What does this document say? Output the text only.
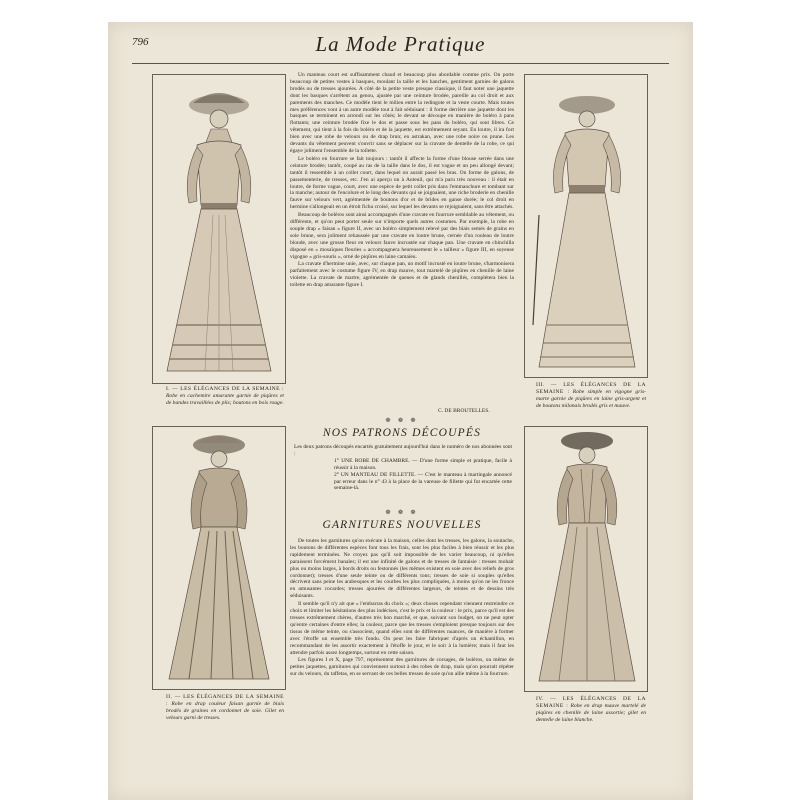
796	La Mode Pratique
I. — LES ÉLÉGANCES DE LA SEMAINE : Robe en cachemire amarante garnie de piqûres et de bandes travaillées de plis; boutons en bois rouge.
II. — LES ÉLÉGANCES DE LA SEMAINE : Robe en drap couleur faisan garnie de biais brodés de graines en cordonnet de soie. Gilet en velours garni de tresses.
III. — LES ÉLÉGANCES DE LA SEMAINE : Robe simple en vigogne gris-marte garnie de piqûres en laine gris-argent et de boutons milanais brodés gris et mauve.
IV. — LES ÉLÉGANCES DE LA SEMAINE : Robe en drap mauve martelé de piqûres en chenille de laine assortie; gilet en dentelle de laine blanche.

Un manteau court est suffisamment chaud et beaucoup plus abordable comme prix. On porte beaucoup de petites vestes à basques, moulant la taille et les hanches, gentiment garnies de galons brodés ou de tresses ajourées. A côté de la petite veste presque classique, il faut noter une jaquette dont les basques s'arrêtent au genou, ajustée par une ceinture brodée, pareille au col droit et aux parements des manches. Ce modèle tient le milieu entre la redingote et la veste courte. Mais toutes mes préférences vont à un autre modèle tout à fait séduisant : il forme derrière une jaquette dont les basques se terminent en arrondi sur les côtés; le devant se découpe en manière de boléro à pans flottants; une ceinture brodée fixe le dos et passe sous les pans du boléro, qui sont libres. Ce vêtement, qui tient à la fois du boléro et de la jaquette, est extrêmement seyant. En loutre, il ira fort bien avec une robe de velours ou de drap brun; en astrakan, avec une robe noire ou prune. Les devants du vêtement peuvent s'ouvrir sans se déplacer sur la cravate de dentelle de la robe, ce qui égaye joliment l'ensemble de la toilette.

Le boléro en fourrure se fait toujours : tantôt il affecte la forme d'une blouse serrée dans une ceinture brodée; tantôt, coupé au ras de la taille dans le dos, il est vague et un peu allongé devant; tantôt il ressemble à un collet court, dans lequel on aurait passé les bras. On forme de galons, de passementerie, de tresses, etc. J'en ai aperçu un à Auteuil, qui m'a paru très nouveau : il était en loutre, de forme vague, court, avec une espèce de petit collet pris dans l'emmanchure et tombant sur la manche; autour de l'encolure et le long des devants qui se joignaient, une riche broderie en chenille fauve sur velours vert, agrémentée de boutons d'or et de brides en ganse dorée; le col droit en hermine s'allongeait en un étroit fichu croisé, sur lequel les devants se rejoignaient, sans être attachés.

Beaucoup de boléros sont ainsi accompagnés d'une cravate en fourrure semblable au vêtement, ou différente, et qu'on peut porter seule sur n'importe quels autres costumes. Par exemple, la robe en souple drap « faisan » figure II, avec un boléro simplement relevé par des biais semés de grains en soie brune, sera joliment rehaussée par une cravate en loutre brune, cernée d'un rouleau de loutre blonde, avec une grosse fleur en velours fauve incrustée sur chaque pan. Une cravate en chinchilla disposé en « mosaïques fleuries » accompagnera heureusement le « tailleur » figure III, en soyeuse vigogne « gris-souris », orné de piqûres en laine camaïeu.

La cravate d'hermine unie, avec, sur chaque pan, un motif incrusté en loutre brune, s'harmonisera parfaitement avec le costume figure IV, en drap mauve, tout martelé de piqûres en chenille de laine violette. La cravate de martre, agrémentée de queues et de glands chenillés, complétera bien la toilette en drap amarante figure I.

C. DE BROUTELLES.
❁ ❁ ❁
NOS PATRONS DÉCOUPÉS

Les deux patrons découpés encartés gratuitement aujourd'hui dans le numéro de nos abonnées sont :

1° UNE ROBE DE CHAMBRE. — D'une forme simple et pratique, facile à réussir à la maison.

2° UN MANTEAU DE FILLETTE. — C'est le manteau à martingale annoncé par erreur dans le n° 43 à la place de la vareuse de fillette qui fut encartée cette semaine-là.

❁ ❁ ❁
GARNITURES NOUVELLES

De toutes les garnitures qu'on exécute à la maison, celles dont les tresses, les galons, la soutache, les boutons de différentes espèces font tous les frais, sont les plus faciles à bien réussir et les plus rapidement terminées. Ne croyez pas qu'il soit impossible de les varier beaucoup, ni qu'elles paraissent forcément banales; il est une infinité de galons et de tresses de fantaisie : tresses mohair plus ou moins larges, à bords droits ou festonnés (les mêmes existent en soie avec des reliefs de gros cordonnet); tresses d'une seule teinte ou de différents tons; tresses de soie si souples qu'elles décrivent sans peine les arabesques et les courbes les plus compliquées, à moins qu'on ne les fronce en amusantes cocardes; tresses ajourées de différentes largeurs, de teintes et de dessins très séduisants.

Il semble qu'il n'y ait que « l'embarras du choix »; deux choses cependant viennent restreindre ce choix et limiter les hésitations des plus indécises, c'est le prix et la couleur : le prix, parce qu'il est des tresses extrêmement chères, d'autres très bon marché, et que, suivant son budget, on ne peut opter qu'entre certaines d'entre elles; la couleur, parce que les tresses s'emploient presque toujours sur des tissus de même teinte, ou s'associent, quand elles sont de différentes nuances, de manière à former avec l'étoffe un ensemble très fondu. On peut les faire fabriquer d'après un échantillon, en recommandant de les assortir exactement à l'étoffe le jour, et le soir à la lumière; mais il faut les attendre parfois assez longtemps, surtout en cette saison.

Les figures I et X, page 797, représentent des garnitures de corsages, de boléros, ou même de petites jaquettes, garnitures qui conviennent surtout à des robes de drap, mais qu'on pourrait répéter sur du velours, du taffetas, en se servant de ces belles tresses de soie qu'on allie même à la fourrure.
